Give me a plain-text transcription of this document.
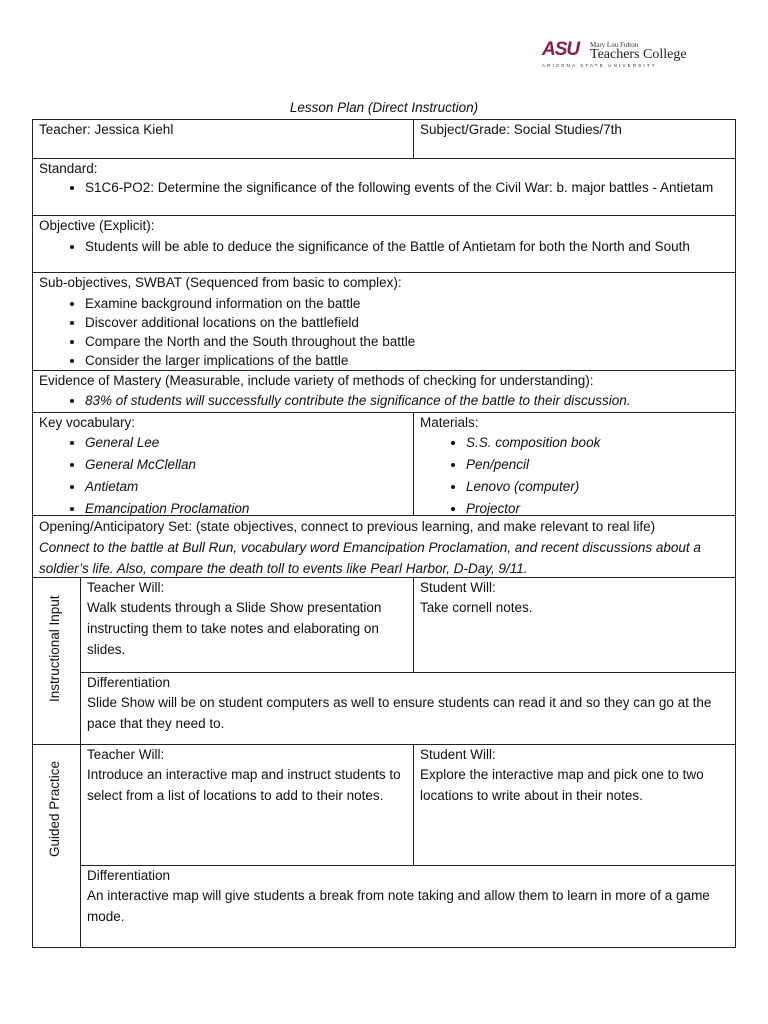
ASU Mary Lou Fulton
Teachers College
ARIZONA STATE UNIVERSITY
Lesson Plan (Direct Instruction)
Teacher: Jessica Kiehl	Subject/Grade: Social Studies/7th
Standard:
• S1C6-PO2: Determine the significance of the following events of the Civil War: b. major battles - Antietam
Objective (Explicit):
• Students will be able to deduce the significance of the Battle of Antietam for both the North and South
Sub-objectives, SWBAT (Sequenced from basic to complex):
• Examine background information on the battle
• Discover additional locations on the battlefield
• Compare the North and the South throughout the battle
• Consider the larger implications of the battle
Evidence of Mastery (Measurable, include variety of methods of checking for understanding):
• 83% of students will successfully contribute the significance of the battle to their discussion.
Key vocabulary:
• General Lee
• General McClellan
• Antietam
• Emancipation Proclamation
Materials:
• S.S. composition book
• Pen/pencil
• Lenovo (computer)
• Projector
Opening/Anticipatory Set: (state objectives, connect to previous learning, and make relevant to real life)
Connect to the battle at Bull Run, vocabulary word Emancipation Proclamation, and recent discussions about a soldier’s life. Also, compare the death toll to events like Pearl Harbor, D-Day, 9/11.
Instructional Input
Teacher Will:
Walk students through a Slide Show presentation instructing them to take notes and elaborating on slides.
Student Will:
Take cornell notes.
Differentiation
Slide Show will be on student computers as well to ensure students can read it and so they can go at the pace that they need to.
Guided Practice
Teacher Will:
Introduce an interactive map and instruct students to select from a list of locations to add to their notes.
Student Will:
Explore the interactive map and pick one to two locations to write about in their notes.
Differentiation
An interactive map will give students a break from note taking and allow them to learn in more of a game mode.
